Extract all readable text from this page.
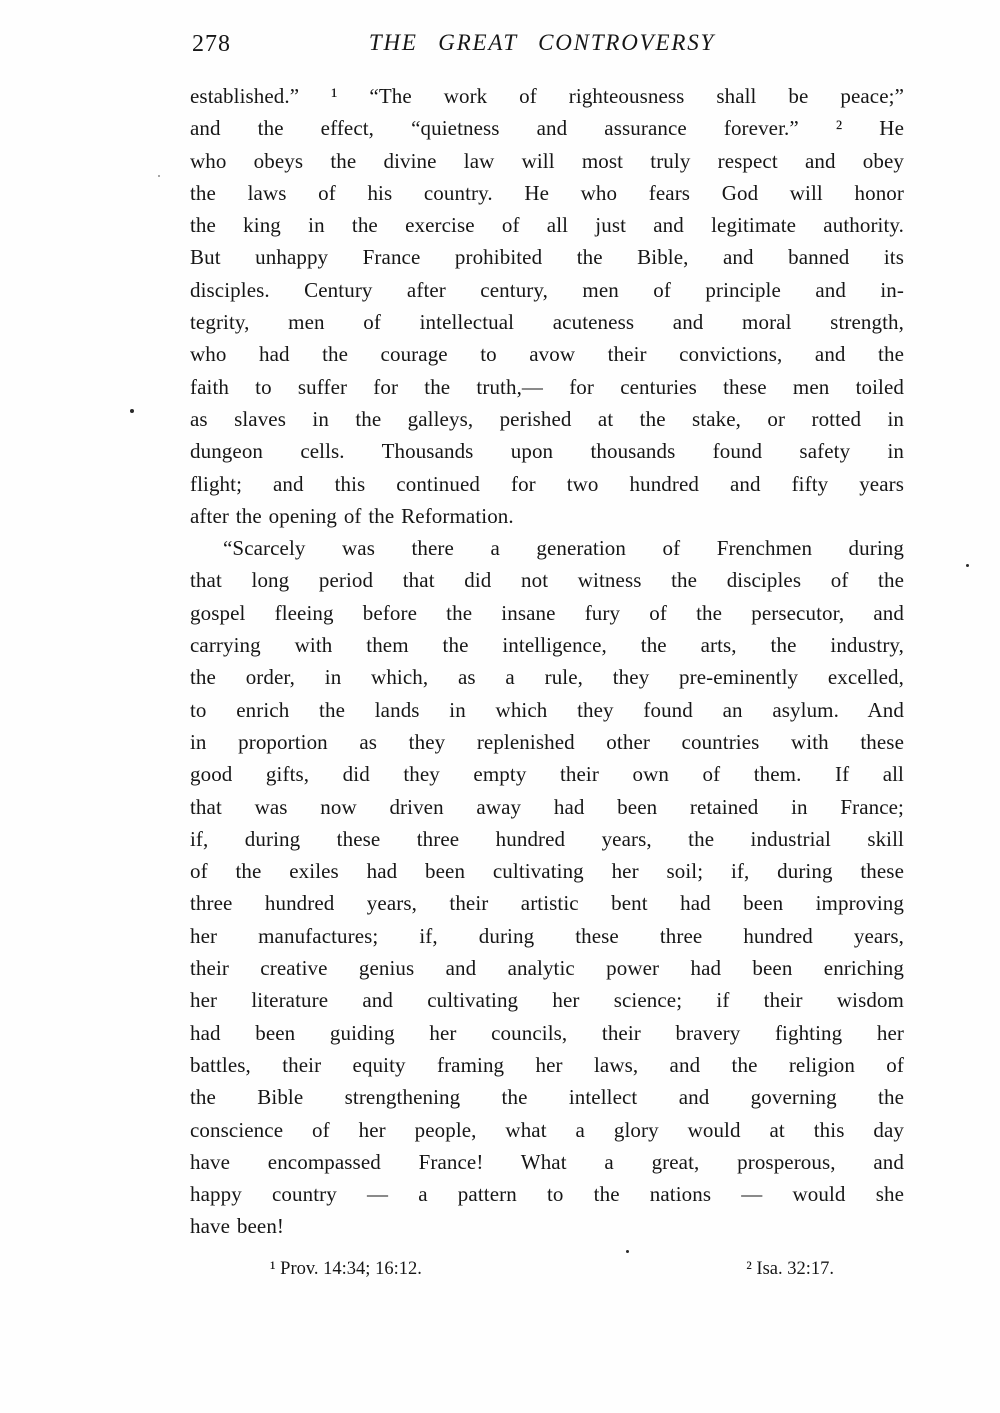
278	THE GREAT CONTROVERSY
established.” ¹ “The work of righteousness shall be peace;”
and the effect, “quietness and assurance forever.” ² He
who obeys the divine law will most truly respect and obey
the laws of his country. He who fears God will honor
the king in the exercise of all just and legitimate authority.
But unhappy France prohibited the Bible, and banned its
disciples. Century after century, men of principle and in-
tegrity, men of intellectual acuteness and moral strength,
who had the courage to avow their convictions, and the
faith to suffer for the truth,— for centuries these men toiled
as slaves in the galleys, perished at the stake, or rotted in
dungeon cells. Thousands upon thousands found safety in
flight; and this continued for two hundred and fifty years
after the opening of the Reformation.
“Scarcely was there a generation of Frenchmen during
that long period that did not witness the disciples of the
gospel fleeing before the insane fury of the persecutor, and
carrying with them the intelligence, the arts, the industry,
the order, in which, as a rule, they pre-eminently excelled,
to enrich the lands in which they found an asylum. And
in proportion as they replenished other countries with these
good gifts, did they empty their own of them. If all
that was now driven away had been retained in France;
if, during these three hundred years, the industrial skill
of the exiles had been cultivating her soil; if, during these
three hundred years, their artistic bent had been improving
her manufactures; if, during these three hundred years,
their creative genius and analytic power had been enriching
her literature and cultivating her science; if their wisdom
had been guiding her councils, their bravery fighting her
battles, their equity framing her laws, and the religion of
the Bible strengthening the intellect and governing the
conscience of her people, what a glory would at this day
have encompassed France! What a great, prosperous, and
happy country — a pattern to the nations — would she
have been!
¹ Prov. 14:34; 16:12.	² Isa. 32:17.
